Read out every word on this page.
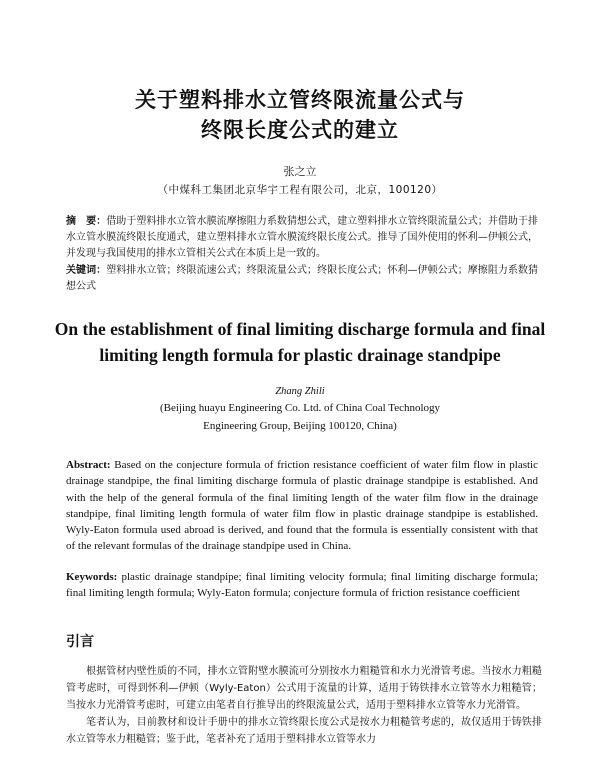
关于塑料排水立管终限流量公式与
终限长度公式的建立
张之立
（中煤科工集团北京华宇工程有限公司，北京，100120）
摘　要：借助于塑料排水立管水膜流摩擦阻力系数猜想公式，建立塑料排水立管终限流量公式；并借助于排水立管水膜流终限长度通式，建立塑料排水立管水膜流终限长度公式。推导了国外使用的怀利—伊顿公式，并发现与我国使用的排水立管相关公式在本质上是一致的。
关键词：塑料排水立管；终限流速公式；终限流量公式；终限长度公式；怀利—伊顿公式；摩擦阻力系数猜想公式
On the establishment of final limiting discharge formula and final limiting length formula for plastic drainage standpipe
Zhang Zhili
(Beijing huayu Engineering Co. Ltd. of China Coal Technology
Engineering Group, Beijing 100120, China)
Abstract: Based on the conjecture formula of friction resistance coefficient of water film flow in plastic drainage standpipe, the final limiting discharge formula of plastic drainage standpipe is established. And with the help of the general formula of the final limiting length of the water film flow in the drainage standpipe, final limiting length formula of water film flow in plastic drainage standpipe is established. Wyly-Eaton formula used abroad is derived, and found that the formula is essentially consistent with that of the relevant formulas of the drainage standpipe used in China.
Keywords: plastic drainage standpipe; final limiting velocity formula; final limiting discharge formula; final limiting length formula; Wyly-Eaton formula; conjecture formula of friction resistance coefficient
引言

根据管材内壁性质的不同，排水立管附壁水膜流可分别按水力粗糙管和水力光滑管考虑。当按水力粗糙管考虑时，可得到怀利—伊顿（Wyly-Eaton）公式用于流量的计算，适用于铸铁排水立管等水力粗糙管；当按水力光滑管考虑时，可建立由笔者自行推导出的终限流量公式，适用于塑料排水立管等水力光滑管。

笔者认为，目前教材和设计手册中的排水立管终限长度公式是按水力粗糙管考虑的，故仅适用于铸铁排水立管等水力粗糙管；鉴于此，笔者补充了适用于塑料排水立管等水力
